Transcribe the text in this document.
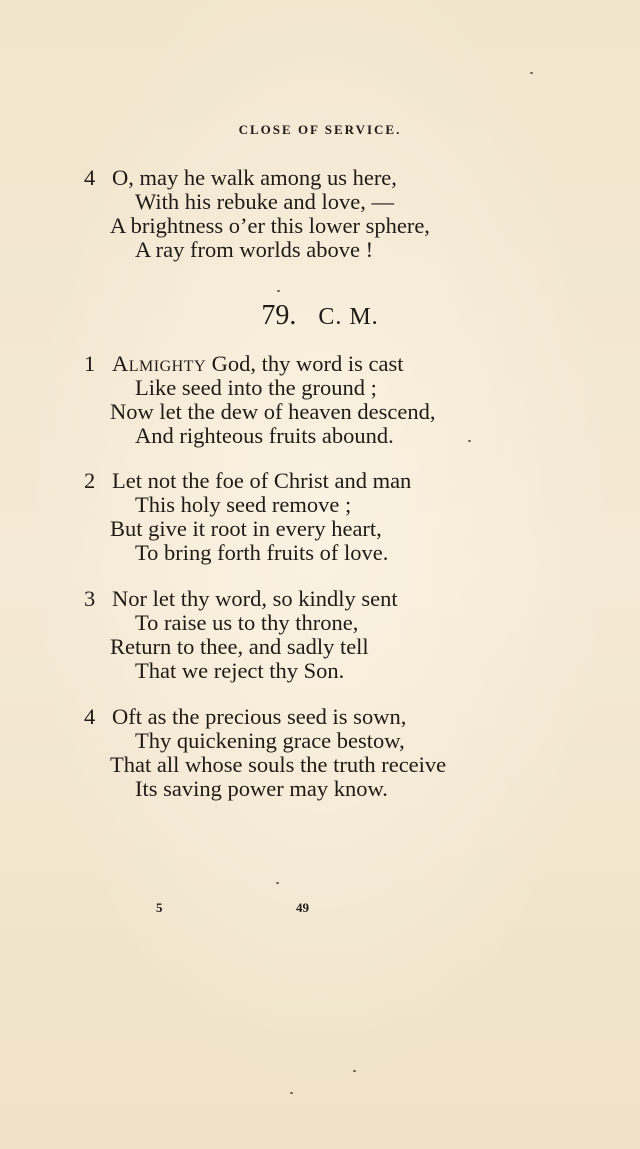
CLOSE OF SERVICE.
4 O, may he walk among us here,
With his rebuke and love, —
A brightness o’er this lower sphere,
A ray from worlds above !
79. C. M.
1 Almighty God, thy word is cast
Like seed into the ground ;
Now let the dew of heaven descend,
And righteous fruits abound.
2 Let not the foe of Christ and man
This holy seed remove ;
But give it root in every heart,
To bring forth fruits of love.
3 Nor let thy word, so kindly sent
To raise us to thy throne,
Return to thee, and sadly tell
That we reject thy Son.
4 Oft as the precious seed is sown,
Thy quickening grace bestow,
That all whose souls the truth receive
Its saving power may know.
5	49
